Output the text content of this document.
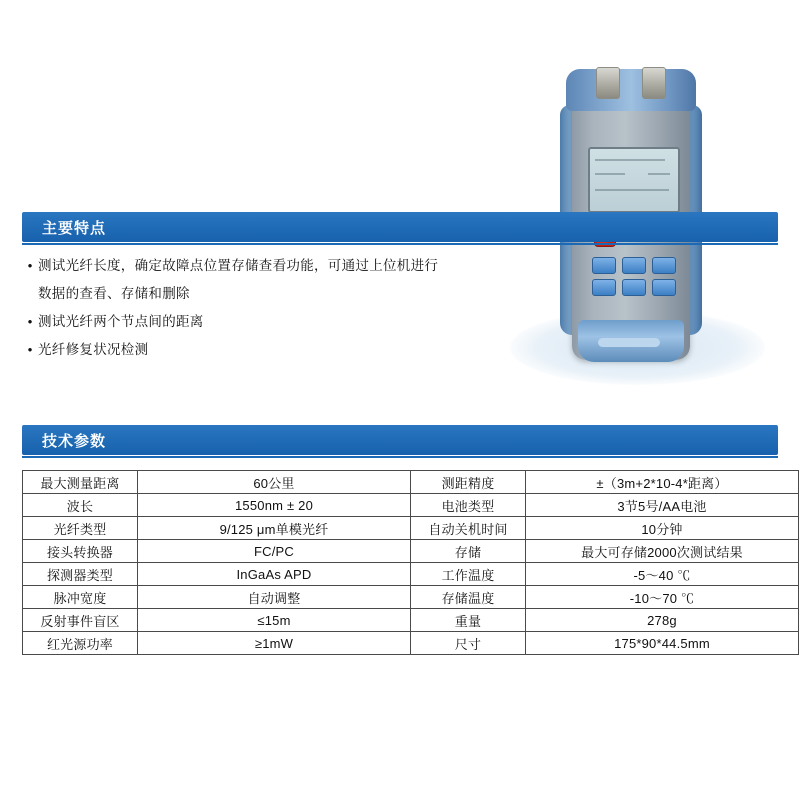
主要特点
• 测试光纤长度，确定故障点位置存储查看功能，可通过上位机进行
数据的查看、存储和删除
• 测试光纤两个节点间的距离
• 光纤修复状况检测
技术参数
最大测量距离	60公里	测距精度	±（3m+2*10-4*距离）
波长	1550nm ± 20	电池类型	3节5号/AA电池
光纤类型	9/125 μm单模光纤	自动关机时间	10分钟
接头转换器	FC/PC	存储	最大可存储2000次测试结果
探测器类型	InGaAs APD	工作温度	-5～40 ℃
脉冲宽度	自动调整	存储温度	-10～70 ℃
反射事件盲区	≤15m	重量	278g
红光源功率	≥1mW	尺寸	175*90*44.5mm
